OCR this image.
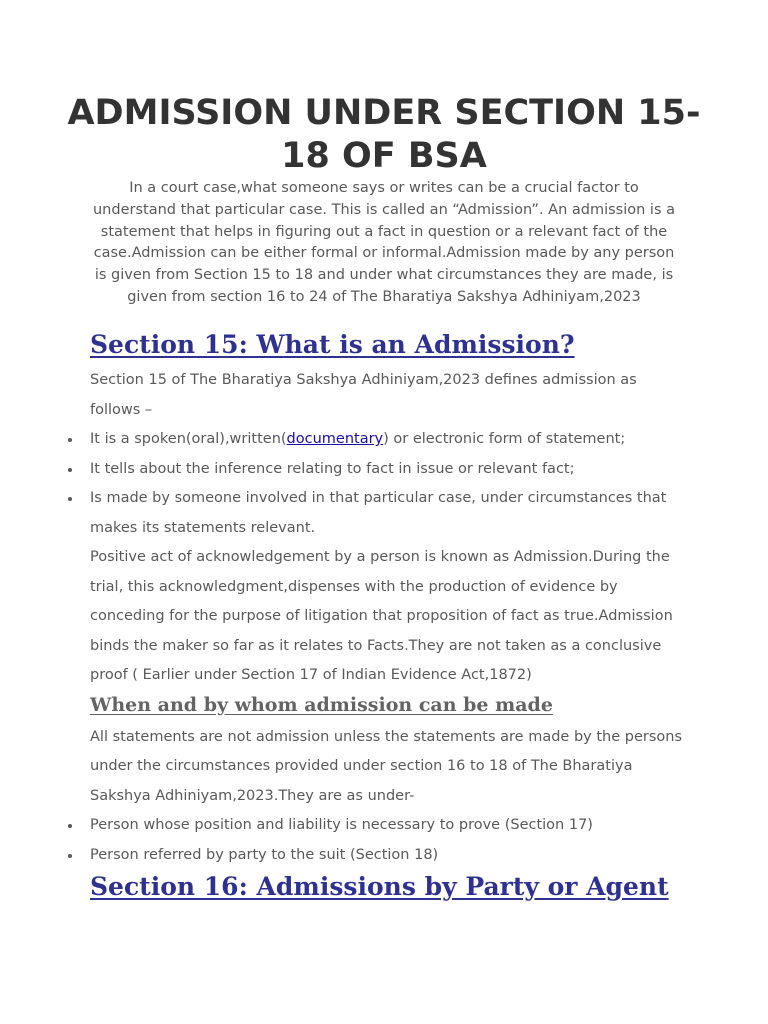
ADMISSION UNDER SECTION 15-18 OF BSA

In a court case,what someone says or writes can be a crucial factor to understand that particular case. This is called an “Admission”. An admission is a statement that helps in figuring out a fact in question or a relevant fact of the case.Admission can be either formal or informal.Admission made by any person is given from Section 15 to 18 and under what circumstances they are made, is given from section 16 to 24 of The Bharatiya Sakshya Adhiniyam,2023

Section 15: What is an Admission?

Section 15 of The Bharatiya Sakshya Adhiniyam,2023 defines admission as follows –

It is a spoken(oral),written(documentary) or electronic form of statement;
It tells about the inference relating to fact in issue or relevant fact;
Is made by someone involved in that particular case, under circumstances that makes its statements relevant.

Positive act of acknowledgement by a person is known as Admission.During the trial, this acknowledgment,dispenses with the production of evidence by conceding for the purpose of litigation that proposition of fact as true.Admission binds the maker so far as it relates to Facts.They are not taken as a conclusive proof ( Earlier under Section 17 of Indian Evidence Act,1872)

When and by whom admission can be made

All statements are not admission unless the statements are made by the persons under the circumstances provided under section 16 to 18 of The Bharatiya Sakshya Adhiniyam,2023.They are as under-

Person whose position and liability is necessary to prove (Section 17)
Person referred by party to the suit (Section 18)
Section 16: Admissions by Party or Agent
